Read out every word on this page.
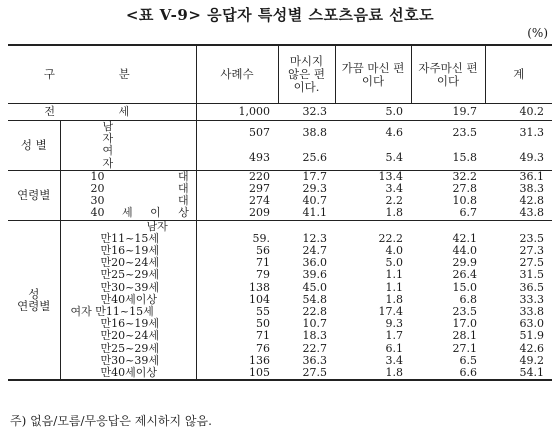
<표 V-9> 응답자 특성별 스포츠음료 선호도
(%)
구 분		사례수	마시지 않은 편이다.	가끔 마신 편이다	자주마신 편이다	계
전 세		1,000	32.3	5.0	19.7	40.2
성 별	남 자	507	38.8	4.6	23.5	31.3
	여 자	493	25.6	5.4	15.8	49.3
연령별	10 대	220	17.7	13.4	32.2	36.1
	20 대	297	29.3	3.4	27.8	38.3
	30 대	274	40.7	2.2	10.8	42.8
	40 세 이 상	209	41.1	1.8	6.7	43.8

성
연령별	남자					
	만11~15세	59.	12.3	22.2	42.1	23.5
	만16~19세	56	24.7	4.0	44.0	27.3
	만20~24세	71	36.0	5.0	29.9	27.5
	만25~29세	79	39.6	1.1	26.4	31.5
	만30~39세	138	45.0	1.1	15.0	36.5
	만40세이상	104	54.8	1.8	6.8	33.3
	여자 만11~15세	55	22.8	17.4	23.5	33.8
	만16~19세	50	10.7	9.3	17.0	63.0
	만20~24세	71	18.3	1.7	28.1	51.9
	만25~29세	76	22.7	6.1	27.1	42.6
	만30~39세	136	36.3	3.4	6.5	49.2
	만40세이상	105	27.5	1.8	6.6	54.1
주) 없음/모름/무응답은 제시하지 않음.
